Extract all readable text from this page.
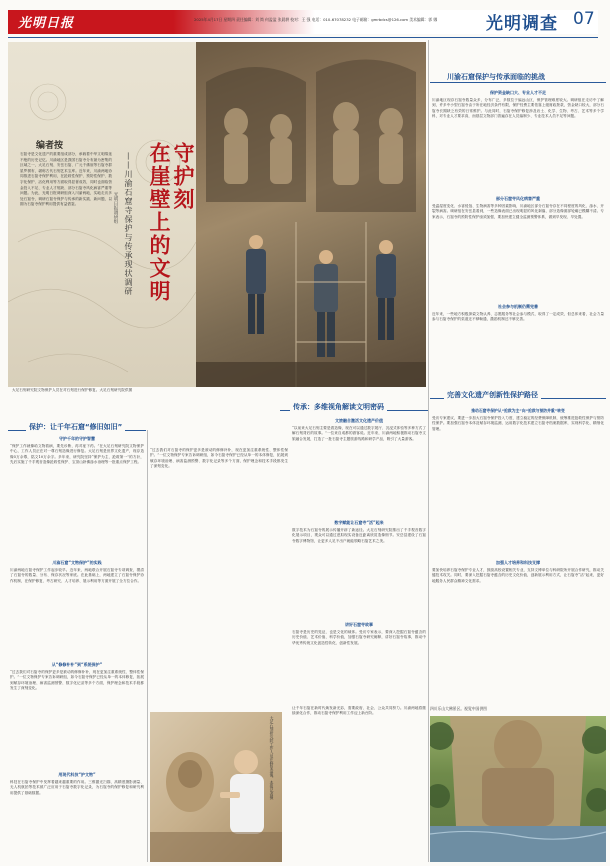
光明日报	2025年4月17日 星期四 责任编辑：刘 简 何盈盈 张晨耕 校对：王 强 电话：010-67078232 电子邮箱：gmrbdcs@126.com 美术编辑：郭 娜	光明调查 07
编者按
石窟寺是文化遗产的重要组成部分，承载着中华文明绵延不绝的历史记忆。川渝地区是我国石窟寺分布最为密集的区域之一，大足石刻、安岳石窟、广元千佛崖等石窟寺群星罗棋布，堪称古代石刻艺术宝库。近年来，川渝两地协同推进石窟寺保护利用，在抢救性保护、预防性保护、数字化保护、活化利用等方面取得显著成效，同时也面临资金投入不足、专业人才短缺、部分石窟寺风化病害严重等问题。为此，光明日报调研组深入川渝两地，实地走访多处石窟寺，调研石窟寺保护与传承的新实践、新问题，以期为石窟寺保护利用提供有益借鉴。	守护刻
在崖壁上的文明
——川渝石窟寺保护与传承现状调研
光明日报调研组
大足石刻研究院文物保护人员在对石刻进行保护修复。大足石刻研究院供图
川渝石窟保护与传承面临的挑战
保护资金缺口大、专业人才不足
川渝地区现存石窟寺数量众多，分布广泛，多数位于偏远山区，保护管理难度较大。调研组在走访中了解到，许多中小型石窟寺由于所在地经济条件有限，保护经费主要依靠上级财政拨款，资金缺口较大，部分石窟寺长期缺乏有效的日常维护。与此同时，石窟寺保护修复涉及岩土、化学、生物、考古、艺术等多个学科，对专业人才要求高，而基层文物部门普遍存在人员编制少、专业技术人员不足等问题。
部分石窟寺风化病害严重
受温湿度变化、水害侵蚀、生物病害等多种因素影响，川渝地区部分石窟寺存在不同程度的风化、渗水、开裂等病害。调研组在安岳县看到，一些造像表面已出现明显的风化剥落，部分造像面部轮廓已模糊不清。专家表示，石窟寺的预防性保护亟须加强，要加快建立健全监测预警体系，做到早发现、早处置。
社会参与机制仍需完善
近年来，一些地方积极探索文物认养、志愿服务等社会参与模式，取得了一定成效，但总体来看，社会力量参与石窟寺保护的渠道还不够畅通，激励机制还不够完善。
完善文化遗产创新性保护路径
推动石窟寺保护从“抢救为主”向“抢救与预防并重”转变
受访专家建议，要进一步加大石窟寺保护投入力度，建立稳定的经费保障机制，统筹推进抢救性保护与预防性保护。要加强石窟寺本体及赋存环境监测，运用数字化技术建立石窟寺档案数据库，实现科学化、精细化管理。
加强人才培养和科技支撑
要加快培养石窟寺保护专业人才，鼓励高校设置相关专业，支持文博单位与科研院所开展合作研究，推动关键技术攻关。同时，要深入挖掘石窟寺蕴含的历史文化价值，创新展示利用方式，让石窟寺“活”起来，更好地服务人民群众精神文化需求。
保护：让千年石窟“修旧如旧”
守护千年的守护智慧
“保护工作就像给文物看病，要先诊断，再对症下药。”在大足石刻研究院文物保护中心，工作人员正在对一尊石刻造像进行修复。大足石刻是世界文化遗产，现存造像5万余尊，铭文10万余字。多年来，研究院坚持“保护为主、抢救第一”的方针，先后实施了千手观音造像抢救性保护、宝顶山卧佛渗水治理等一批重点保护工程。
川渝石窟“文物保护”的实践
川渝两地石窟寺保护工作起步较早。近年来，两地联合开展石窟寺专项调查，摸清了石窟寺的数量、分布、保存状况等家底。在此基础上，两地建立了石窟寺保护协作机制，在保护修复、考古研究、人才培养、展示利用等方面开展了全方位合作。
从“修修补补”到“系统保护”
“过去我们对石窟寺的保护更多是被动的修修补补，现在更加注重系统性、整体性保护。”一位文物保护专家告诉调研组，如今石窟寺保护已经从单一的本体修复，拓展到赋存环境治理、病害监测预警、数字化记录等多个方面，保护理念和技术手段都发生了深刻变化。
用现代科技“护文物”
科技在石窟寺保护中发挥着越来越重要的作用。三维激光扫描、高精度摄影测量、无人机航拍等技术被广泛应用于石窟寺数字化记录，为石窟寺的保护修复和研究利用提供了基础数据。
“过去我们对石窟寺的保护更多是被动的修修补补，现在更加注重系统性、整体性保护。”一位文物保护专家告诉调研组，如今石窟寺保护已经从单一的本体修复，拓展到赋存环境治理、病害监测预警、数字化记录等多个方面，保护理念和技术手段都发生了深刻变化。
传承：多维视角解读文明密码
文旅融合激活文化遗产价值
“以前来大足石刻主要是看造像，现在可以通过数字展厅、沉浸式体验等多种方式了解石刻背后的故事。”一位来自成都的游客说。近年来，川渝两地积极推动石窟寺文旅融合发展，打造了一批石窟寺主题旅游线路和研学产品，吸引了大量游客。
数字赋能让石窟寺“活”起来
数字技术为石窟寺的展示传播开辟了新途径。大足石刻研究院推出了千手观音数字化展示项目，观众可以通过虚拟现实设备近距离欣赏造像细节。安岳县建设了石窟寺数字博物馆，让更多人足不出户就能领略石窟艺术之美。
讲好石窟寺故事
石窟寺是历史的见证，也是文化的载体。受访专家表示，要深入挖掘石窟寺蕴含的历史价值、艺术价值、科学价值，加强石窟寺研究阐释，讲好石窟寺故事，推动中华优秀传统文化创造性转化、创新性发展。
让千年石窟在新时代焕发新光彩，需要政府、社会、公众共同努力。川渝两地将继续深化合作，推动石窟寺保护利用工作迈上新台阶。
大足石刻研究院工作人员在修复造像。本报记者摄
四川乐山大佛景区。视觉中国供图
